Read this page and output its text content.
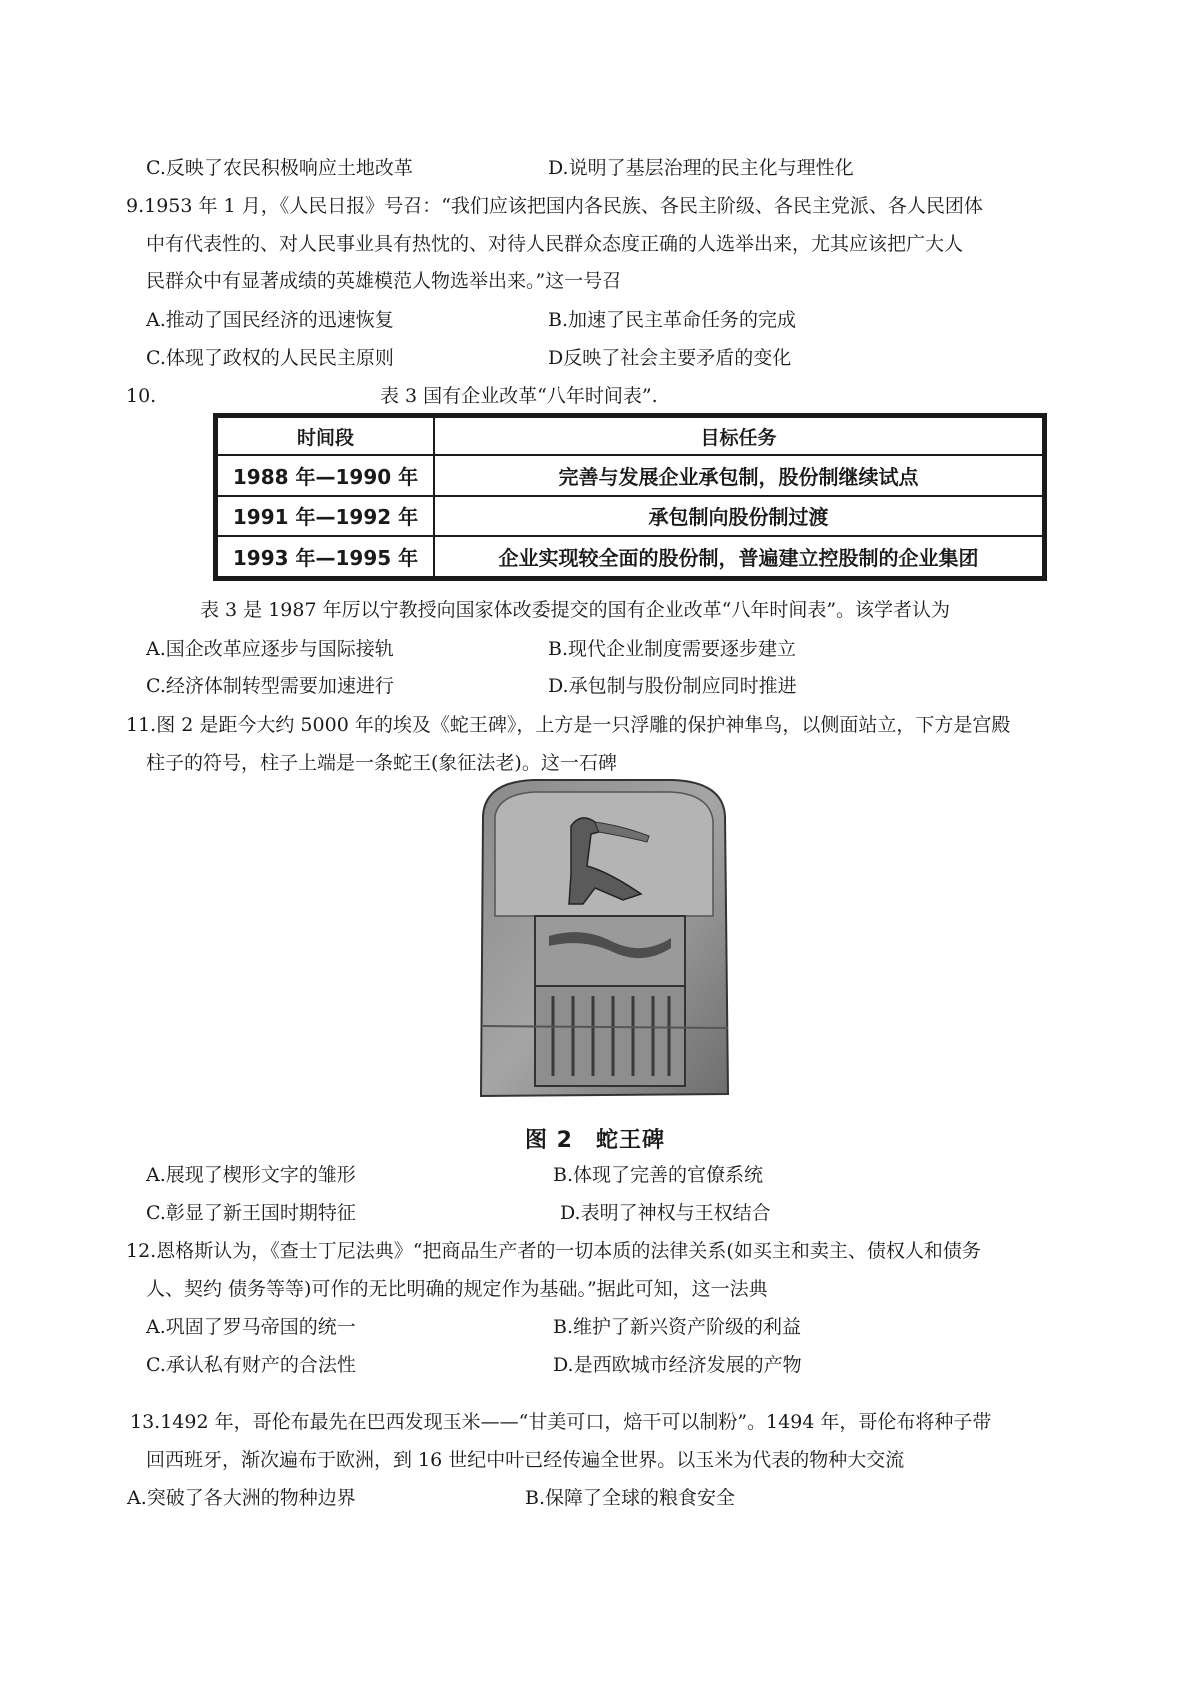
C.反映了农民积极响应土地改革	D.说明了基层治理的民主化与理性化
9.1953 年 1 月，《人民日报》号召：“我们应该把国内各民族、各民主阶级、各民主党派、各人民团体
中有代表性的、对人民事业具有热忱的、对待人民群众态度正确的人选举出来，尤其应该把广大人
民群众中有显著成绩的英雄模范人物选举出来。”这一号召
A.推动了国民经济的迅速恢复	B.加速了民主革命任务的完成
C.体现了政权的人民民主原则	D反映了社会主要矛盾的变化
10.	表 3 国有企业改革“八年时间表”.
时间段	目标任务
1988 年—1990 年	完善与发展企业承包制，股份制继续试点
1991 年—1992 年	承包制向股份制过渡
1993 年—1995 年	企业实现较全面的股份制，普遍建立控股制的企业集团
表 3 是 1987 年厉以宁教授向国家体改委提交的国有企业改革“八年时间表”。该学者认为
A.国企改革应逐步与国际接轨	B.现代企业制度需要逐步建立
C.经济体制转型需要加速进行	D.承包制与股份制应同时推进
11.图 2 是距今大约 5000 年的埃及《蛇王碑》，上方是一只浮雕的保护神隼鸟，以侧面站立，下方是宫殿
柱子的符号，柱子上端是一条蛇王(象征法老)。这一石碑
图 2　蛇王碑
A.展现了楔形文字的雏形	B.体现了完善的官僚系统
C.彰显了新王国时期特征	D.表明了神权与王权结合
12.恩格斯认为，《查士丁尼法典》“把商品生产者的一切本质的法律关系(如买主和卖主、债权人和债务
人、契约 债务等等)可作的无比明确的规定作为基础。”据此可知，这一法典
A.巩固了罗马帝国的统一	B.维护了新兴资产阶级的利益
C.承认私有财产的合法性	D.是西欧城市经济发展的产物
13.1492 年，哥伦布最先在巴西发现玉米——“甘美可口，焙干可以制粉”。1494 年，哥伦布将种子带
回西班牙，渐次遍布于欧洲，到 16 世纪中叶已经传遍全世界。以玉米为代表的物种大交流
A.突破了各大洲的物种边界	B.保障了全球的粮食安全
